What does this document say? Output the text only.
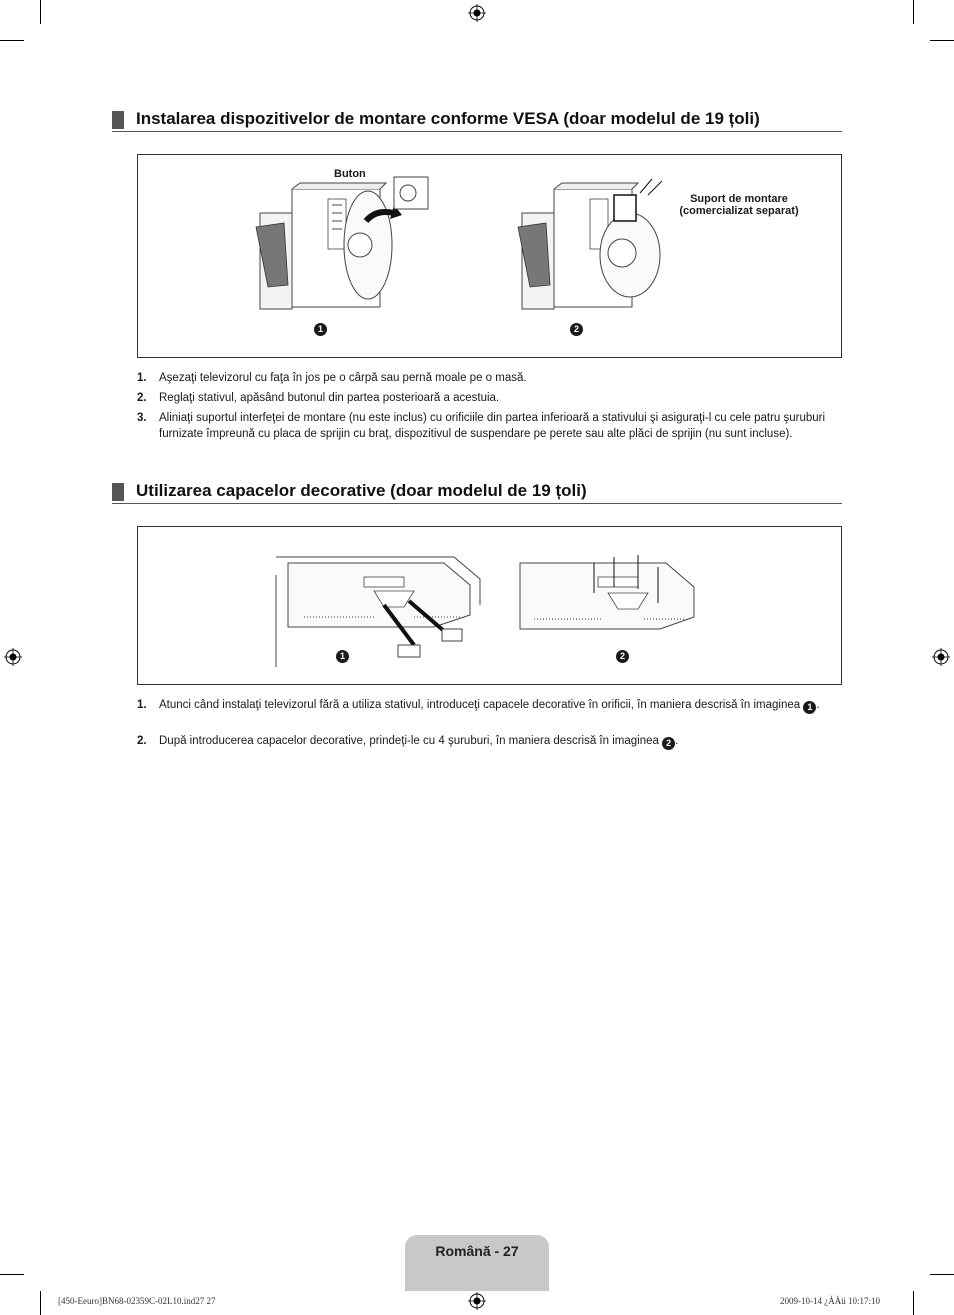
Instalarea dispozitivelor de montare conforme VESA (doar modelul de 19 țoli)
Buton
Suport de montare
(comercializat separat)
1	2
1. Aşezaţi televizorul cu faţa în jos pe o cârpă sau pernă moale pe o masă.
2. Reglaţi stativul, apăsând butonul din partea posterioară a acestuia.
3. Aliniaţi suportul interfeţei de montare (nu este inclus) cu orificiile din partea inferioară a stativului şi asiguraţi-l cu cele patru şuruburi furnizate împreună cu placa de sprijin cu braţ, dispozitivul de suspendare pe perete sau alte plăci de sprijin (nu sunt incluse).
Utilizarea capacelor decorative (doar modelul de 19 țoli)
1	2
1. Atunci când instalaţi televizorul fără a utiliza stativul, introduceţi capacele decorative în orificii, în maniera descrisă în imaginea 1 .
2. După introducerea capacelor decorative, prindeţi-le cu 4 şuruburi, în maniera descrisă în imaginea 2 .
Română - 27
[450-Eeuro]BN68-02359C-02L10.ind27 27	2009-10-14 ¿ÀÀü 10:17:10
